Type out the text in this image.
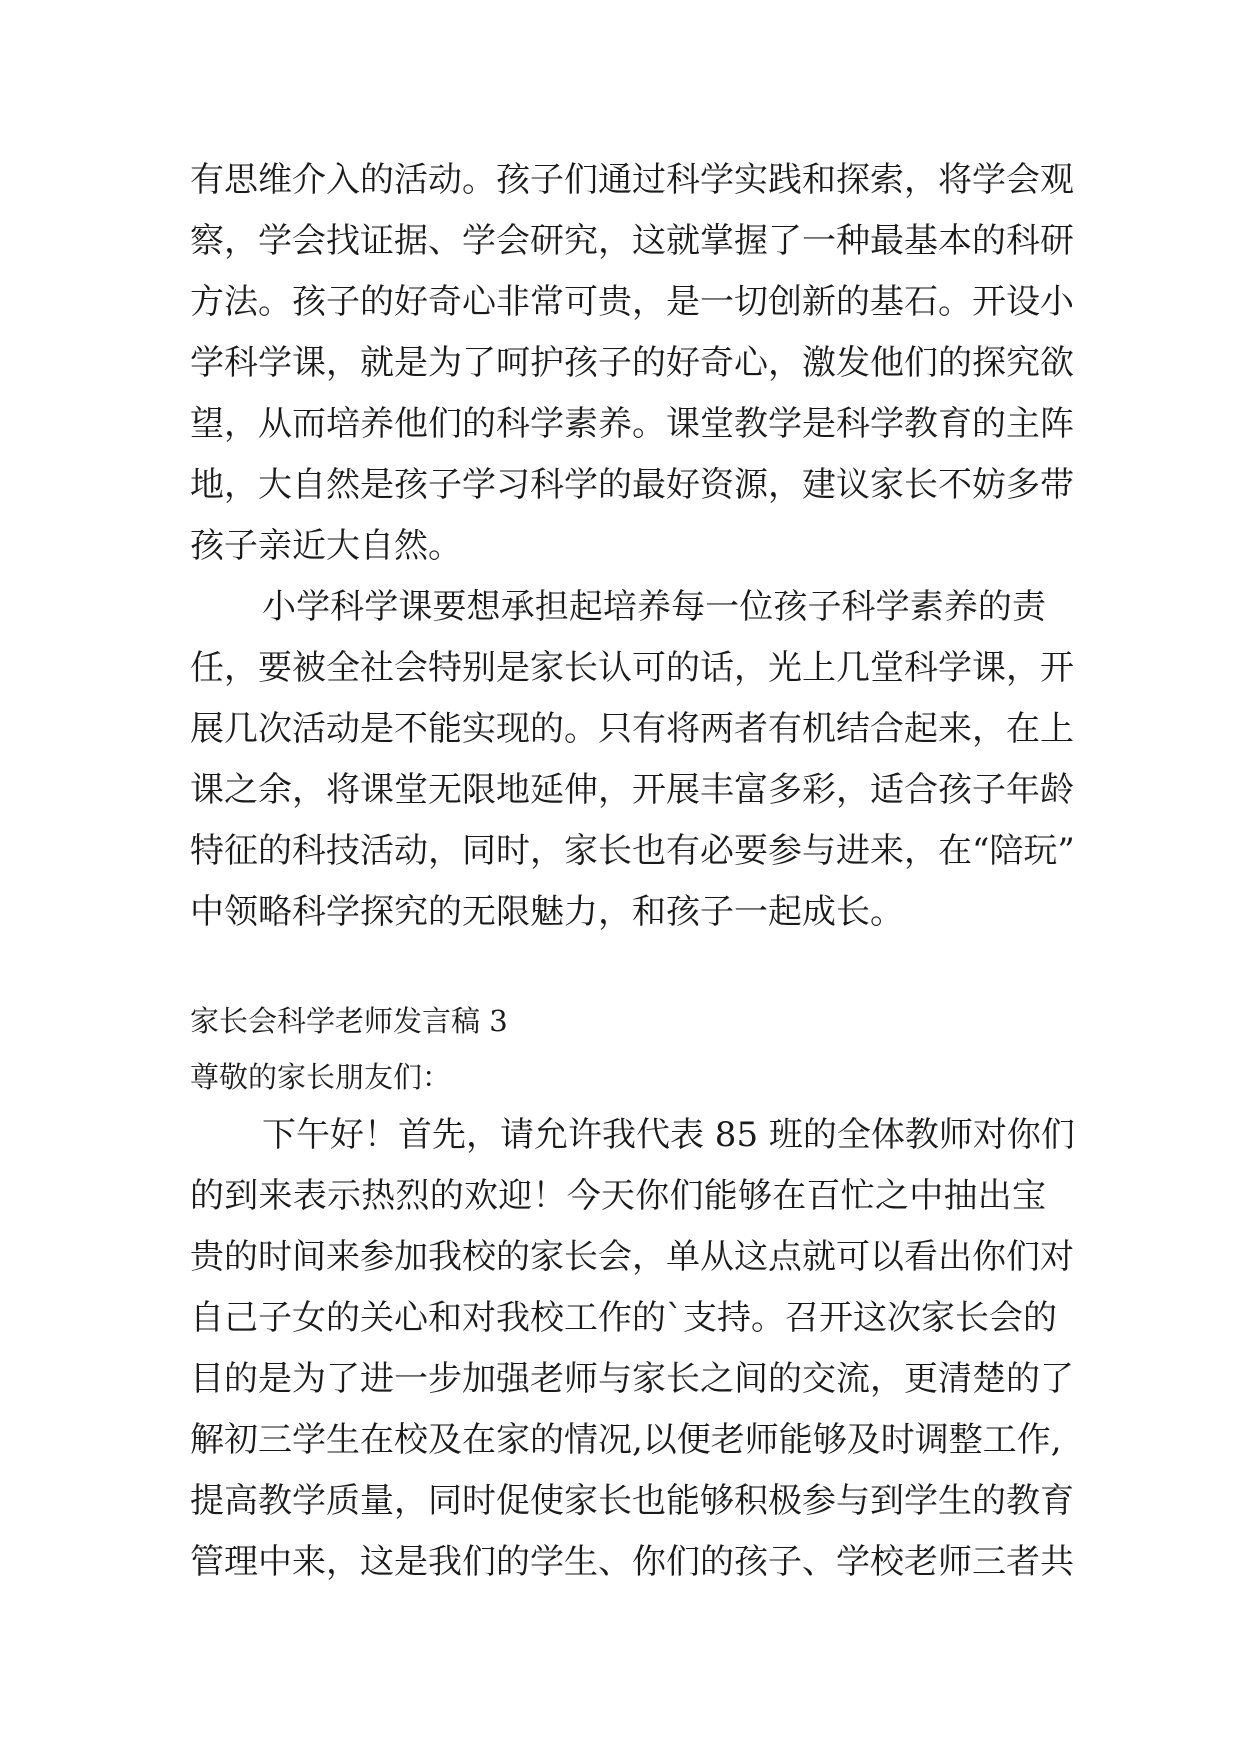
有思维介入的活动。孩子们通过科学实践和探索，将学会观
察，学会找证据、学会研究，这就掌握了一种最基本的科研
方法。孩子的好奇心非常可贵，是一切创新的基石。开设小
学科学课，就是为了呵护孩子的好奇心，激发他们的探究欲
望，从而培养他们的科学素养。课堂教学是科学教育的主阵
地，大自然是孩子学习科学的最好资源，建议家长不妨多带
孩子亲近大自然。
小学科学课要想承担起培养每一位孩子科学素养的责
任，要被全社会特别是家长认可的话，光上几堂科学课，开
展几次活动是不能实现的。只有将两者有机结合起来，在上
课之余，将课堂无限地延伸，开展丰富多彩，适合孩子年龄
特征的科技活动，同时，家长也有必要参与进来，在“陪玩”
中领略科学探究的无限魅力，和孩子一起成长。
家长会科学老师发言稿 3
尊敬的家长朋友们：
下午好！首先，请允许我代表 85 班的全体教师对你们
的到来表示热烈的欢迎！今天你们能够在百忙之中抽出宝
贵的时间来参加我校的家长会，单从这点就可以看出你们对
自己子女的关心和对我校工作的`支持。召开这次家长会的
目的是为了进一步加强老师与家长之间的交流，更清楚的了
解初三学生在校及在家的情况,以便老师能够及时调整工作,
提高教学质量，同时促使家长也能够积极参与到学生的教育
管理中来，这是我们的学生、你们的孩子、学校老师三者共
